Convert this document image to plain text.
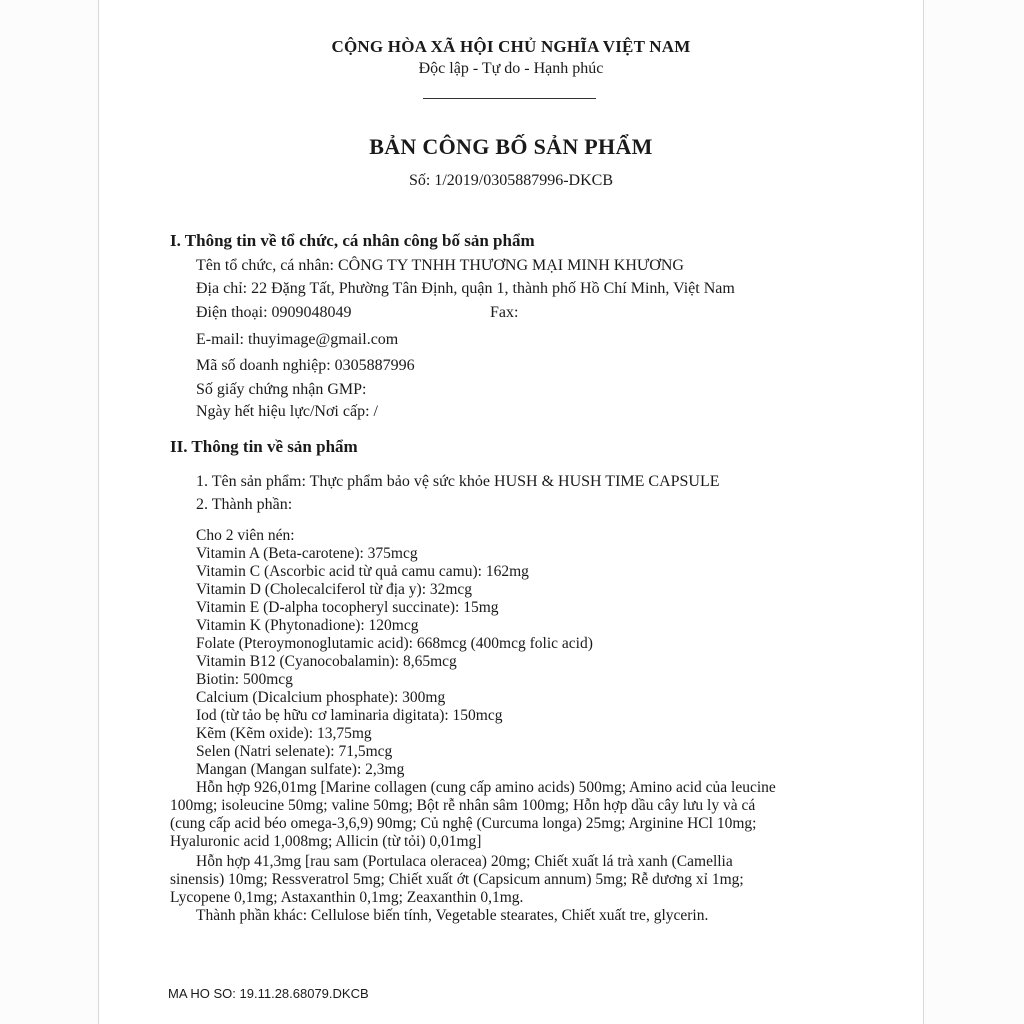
CỘNG HÒA XÃ HỘI CHỦ NGHĨA VIỆT NAM
Độc lập - Tự do - Hạnh phúc
BẢN CÔNG BỐ SẢN PHẨM
Số: 1/2019/0305887996-DKCB
I. Thông tin về tổ chức, cá nhân công bố sản phẩm
Tên tổ chức, cá nhân: CÔNG TY TNHH THƯƠNG MẠI MINH KHƯƠNG
Địa chỉ: 22 Đặng Tất, Phường Tân Định, quận 1, thành phố Hồ Chí Minh, Việt Nam
Điện thoại: 0909048049	Fax:
E-mail: thuyimage@gmail.com
Mã số doanh nghiệp: 0305887996
Số giấy chứng nhận GMP:
Ngày hết hiệu lực/Nơi cấp: /
II. Thông tin về sản phẩm
1. Tên sản phẩm: Thực phẩm bảo vệ sức khỏe HUSH & HUSH TIME CAPSULE
2. Thành phần:
Cho 2 viên nén:
Vitamin A (Beta-carotene): 375mcg
Vitamin C (Ascorbic acid từ quả camu camu): 162mg
Vitamin D (Cholecalciferol từ địa y): 32mcg
Vitamin E (D-alpha tocopheryl succinate): 15mg
Vitamin K (Phytonadione): 120mcg
Folate (Pteroymonoglutamic acid): 668mcg (400mcg folic acid)
Vitamin B12 (Cyanocobalamin): 8,65mcg
Biotin: 500mcg
Calcium (Dicalcium phosphate): 300mg
Iod (từ tảo bẹ hữu cơ laminaria digitata): 150mcg
Kẽm (Kẽm oxide): 13,75mg
Selen (Natri selenate): 71,5mcg
Mangan (Mangan sulfate): 2,3mg
Hỗn hợp 926,01mg [Marine collagen (cung cấp amino acids) 500mg; Amino acid của leucine
100mg; isoleucine 50mg; valine 50mg; Bột rễ nhân sâm 100mg; Hỗn hợp dầu cây lưu ly và cá
(cung cấp acid béo omega-3,6,9) 90mg; Củ nghệ (Curcuma longa) 25mg; Arginine HCl 10mg;
Hyaluronic acid 1,008mg; Allicin (từ tỏi) 0,01mg]
Hỗn hợp 41,3mg [rau sam (Portulaca oleracea) 20mg; Chiết xuất lá trà xanh (Camellia
sinensis) 10mg; Ressveratrol 5mg; Chiết xuất ớt (Capsicum annum) 5mg; Rễ dương xỉ 1mg;
Lycopene 0,1mg; Astaxanthin 0,1mg; Zeaxanthin 0,1mg.
Thành phần khác: Cellulose biến tính, Vegetable stearates, Chiết xuất tre, glycerin.
MA HO SO: 19.11.28.68079.DKCB
